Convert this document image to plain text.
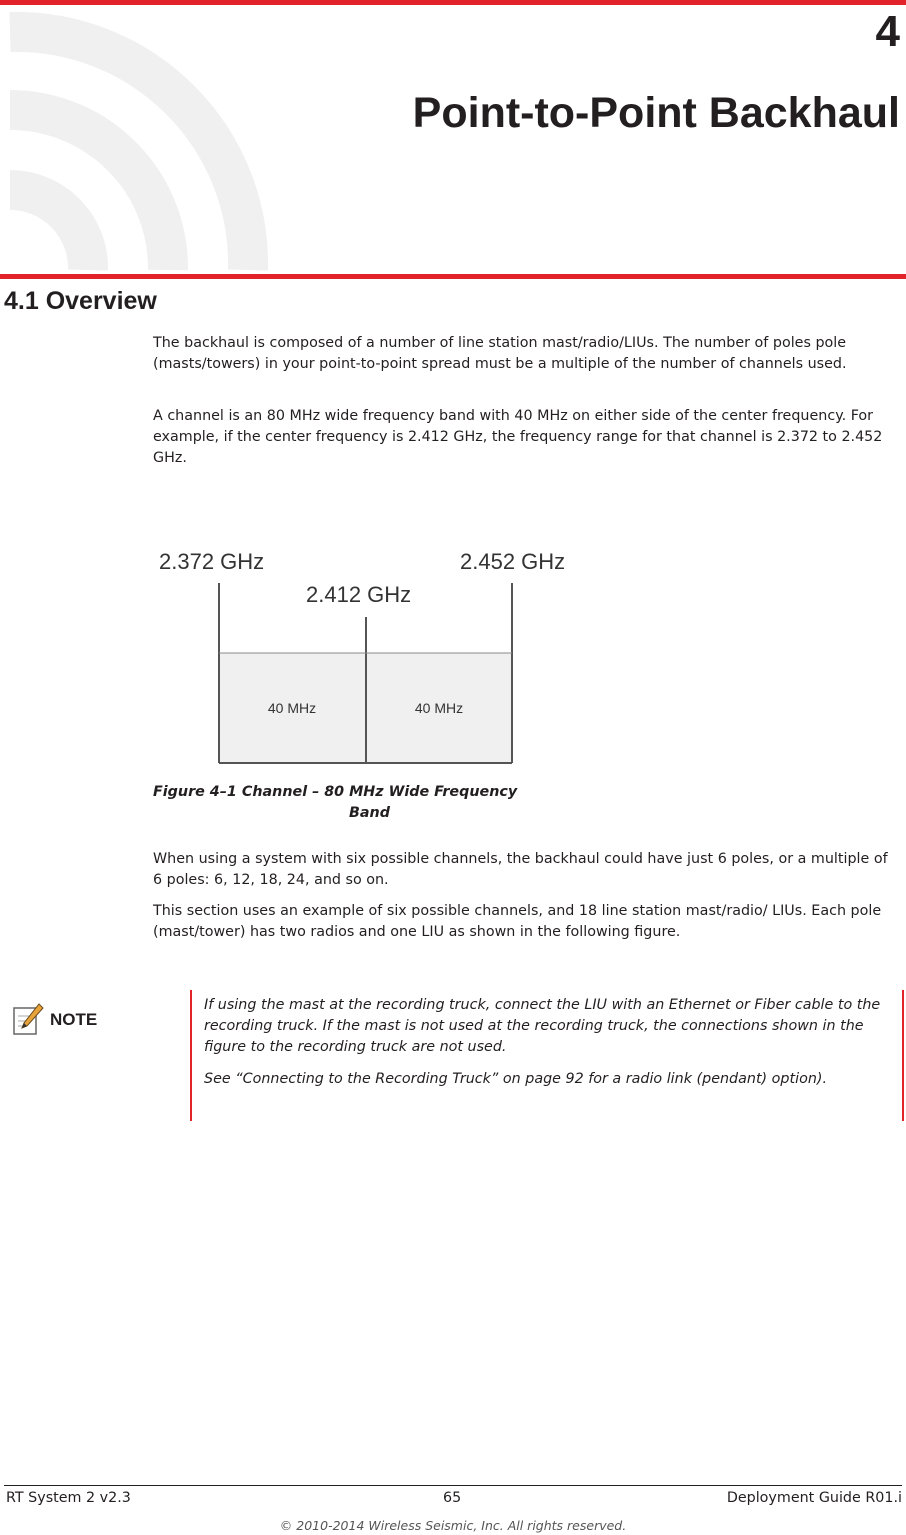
4
Point-to-Point Backhaul
4.1 Overview

The backhaul is composed of a number of line station mast/radio/LIUs. The number of poles pole (masts/towers) in your point-to-point spread must be a multiple of the number of channels used.

A channel is an 80 MHz wide frequency band with 40 MHz on either side of the center frequency. For example, if the center frequency is 2.412 GHz, the frequency range for that channel is 2.372 to 2.452 GHz.

2.372 GHz	2.452 GHz
2.412 GHz
40 MHz	40 MHz

Figure 4–1 Channel – 80 MHz Wide Frequency
Band

When using a system with six possible channels, the backhaul could have just 6 poles, or a multiple of 6 poles: 6, 12, 18, 24, and so on.

This section uses an example of six possible channels, and 18 line station mast/radio/ LIUs. Each pole (mast/tower) has two radios and one LIU as shown in the following figure.

NOTE

If using the mast at the recording truck, connect the LIU with an Ethernet or Fiber cable to the recording truck. If the mast is not used at the recording truck, the connections shown in the figure to the recording truck are not used.

See “Connecting to the Recording Truck” on page 92 for a radio link (pendant) option).

RT System 2 v2.3	65	Deployment Guide R01.i
© 2010-2014 Wireless Seismic, Inc. All rights reserved.
